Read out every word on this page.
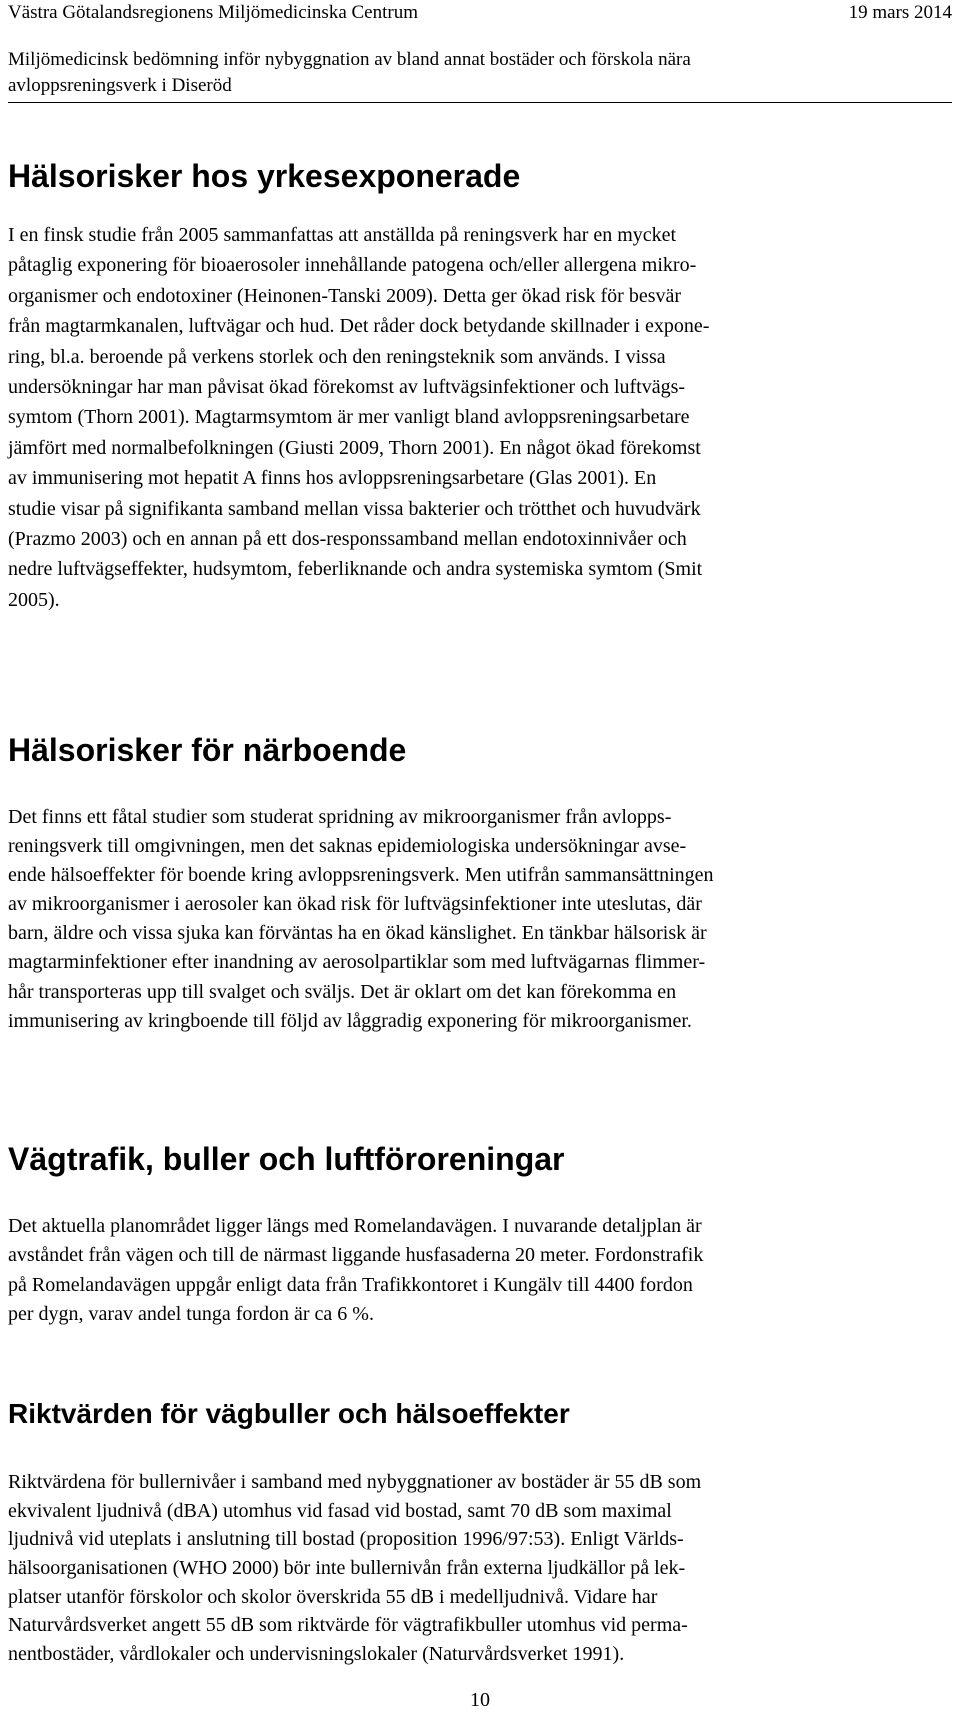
Västra Götalandsregionens Miljömedicinska Centrum	19 mars 2014
Miljömedicinsk bedömning inför nybyggnation av bland annat bostäder och förskola nära
avloppsreningsverk i Diseröd
Hälsorisker hos yrkesexponerade
I en finsk studie från 2005 sammanfattas att anställda på reningsverk har en mycket
påtaglig exponering för bioaerosoler innehållande patogena och/eller allergena mikro-
organismer och endotoxiner (Heinonen-Tanski 2009). Detta ger ökad risk för besvär
från magtarmkanalen, luftvägar och hud. Det råder dock betydande skillnader i expone-
ring, bl.a. beroende på verkens storlek och den reningsteknik som används. I vissa
undersökningar har man påvisat ökad förekomst av luftvägsinfektioner och luftvägs-
symtom (Thorn 2001). Magtarmsymtom är mer vanligt bland avloppsreningsarbetare
jämfört med normalbefolkningen (Giusti 2009, Thorn 2001). En något ökad förekomst
av immunisering mot hepatit A finns hos avloppsreningsarbetare (Glas 2001). En
studie visar på signifikanta samband mellan vissa bakterier och trötthet och huvudvärk
(Prazmo 2003) och en annan på ett dos-responssamband mellan endotoxinnivåer och
nedre luftvägseffekter, hudsymtom, feberliknande och andra systemiska symtom (Smit
2005).
Hälsorisker för närboende
Det finns ett fåtal studier som studerat spridning av mikroorganismer från avlopps-
reningsverk till omgivningen, men det saknas epidemiologiska undersökningar avse-
ende hälsoeffekter för boende kring avloppsreningsverk. Men utifrån sammansättningen
av mikroorganismer i aerosoler kan ökad risk för luftvägsinfektioner inte uteslutas, där
barn, äldre och vissa sjuka kan förväntas ha en ökad känslighet. En tänkbar hälsorisk är
magtarminfektioner efter inandning av aerosolpartiklar som med luftvägarnas flimmer-
hår transporteras upp till svalget och sväljs. Det är oklart om det kan förekomma en
immunisering av kringboende till följd av låggradig exponering för mikroorganismer.
Vägtrafik, buller och luftföroreningar
Det aktuella planområdet ligger längs med Romelandavägen. I nuvarande detaljplan är
avståndet från vägen och till de närmast liggande husfasaderna 20 meter. Fordonstrafik
på Romelandavägen uppgår enligt data från Trafikkontoret i Kungälv till 4400 fordon
per dygn, varav andel tunga fordon är ca 6 %.
Riktvärden för vägbuller och hälsoeffekter
Riktvärdena för bullernivåer i samband med nybyggnationer av bostäder är 55 dB som
ekvivalent ljudnivå (dBA) utomhus vid fasad vid bostad, samt 70 dB som maximal
ljudnivå vid uteplats i anslutning till bostad (proposition 1996/97:53). Enligt Världs-
hälsoorganisationen (WHO 2000) bör inte bullernivån från externa ljudkällor på lek-
platser utanför förskolor och skolor överskrida 55 dB i medelljudnivå. Vidare har
Naturvårdsverket angett 55 dB som riktvärde för vägtrafikbuller utomhus vid perma-
nentbostäder, vårdlokaler och undervisningslokaler (Naturvårdsverket 1991).
10
